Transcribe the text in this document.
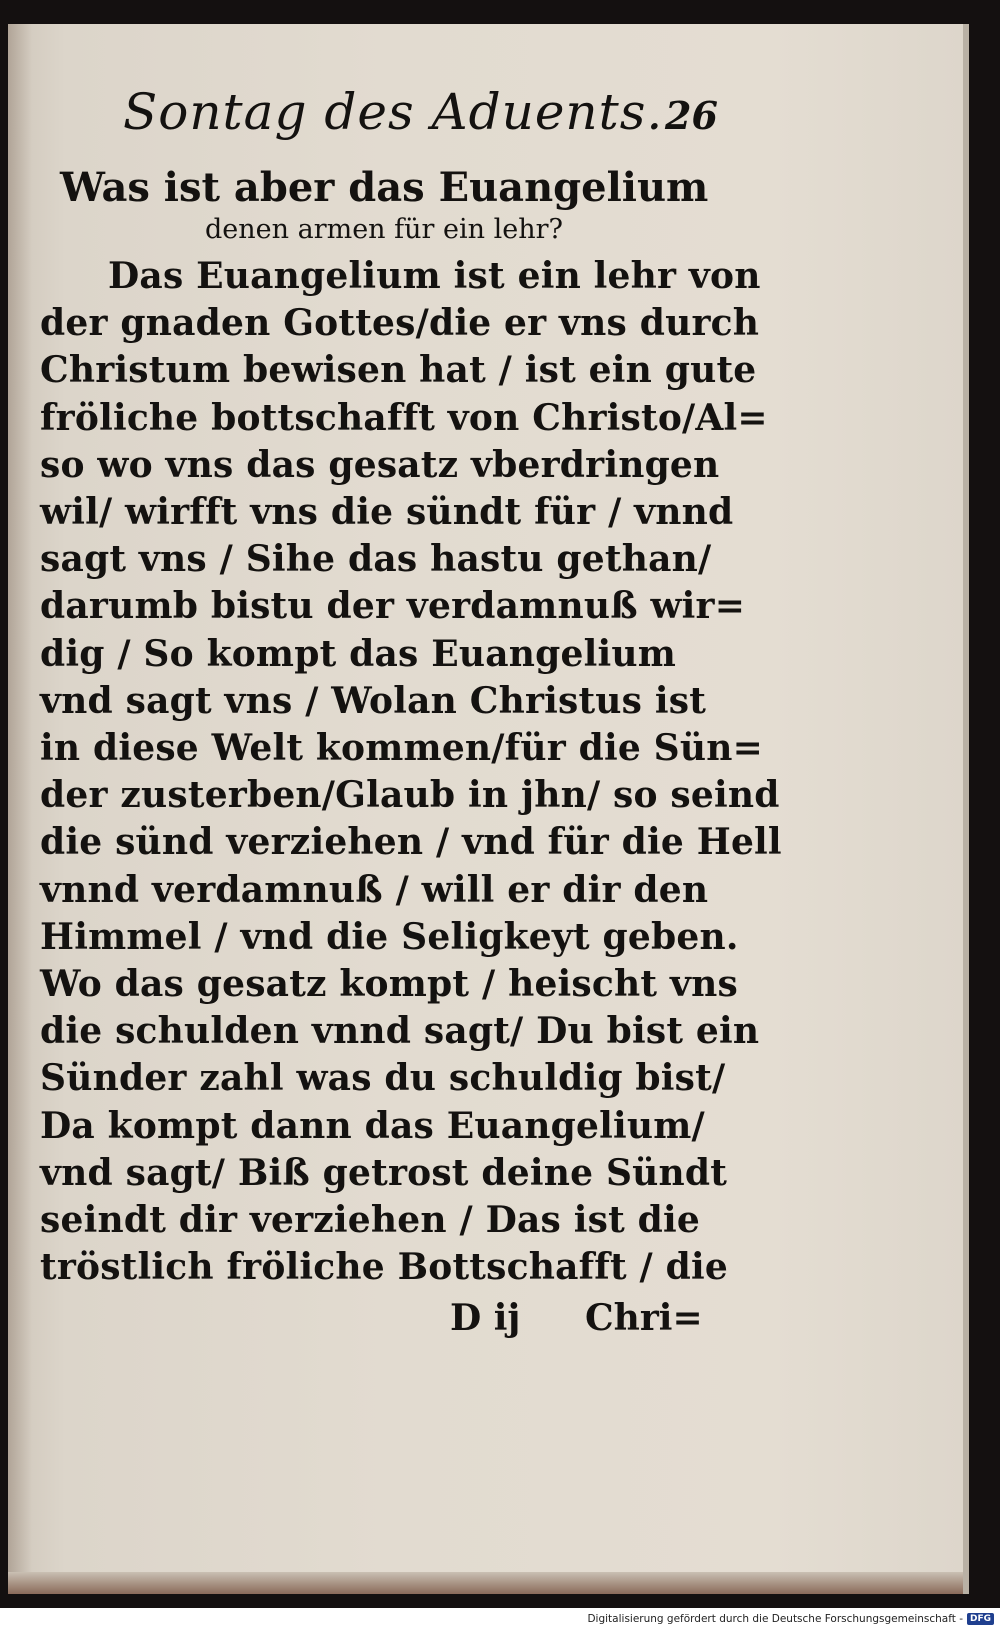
Sontag des Aduents. 26
Was ist aber das Euangelium
denen armen für ein lehr?
Das Euangelium ist ein lehr von
der gnaden Gottes/die er vns durch
Christum bewisen hat / ist ein gute
fröliche bottschafft von Christo/Al=
so wo vns das gesatz vberdringen
wil/ wirfft vns die sündt für / vnnd
sagt vns / Sihe das hastu gethan/
darumb bistu der verdamnuß wir=
dig / So kompt das Euangelium
vnd sagt vns / Wolan Christus ist
in diese Welt kommen/für die Sün=
der zusterben/Glaub in jhn/ so seind
die sünd verziehen / vnd für die Hell
vnnd verdamnuß / will er dir den
Himmel / vnd die Seligkeyt geben.
Wo das gesatz kompt / heischt vns
die schulden vnnd sagt/ Du bist ein
Sünder zahl was du schuldig bist/
Da kompt dann das Euangelium/
vnd sagt/ Biß getrost deine Sündt
seindt dir verziehen / Das ist die
tröstlich fröliche Bottschafft / die
D ij Chri=
Digitalisierung gefördert durch die Deutsche Forschungsgemeinschaft - DFG
